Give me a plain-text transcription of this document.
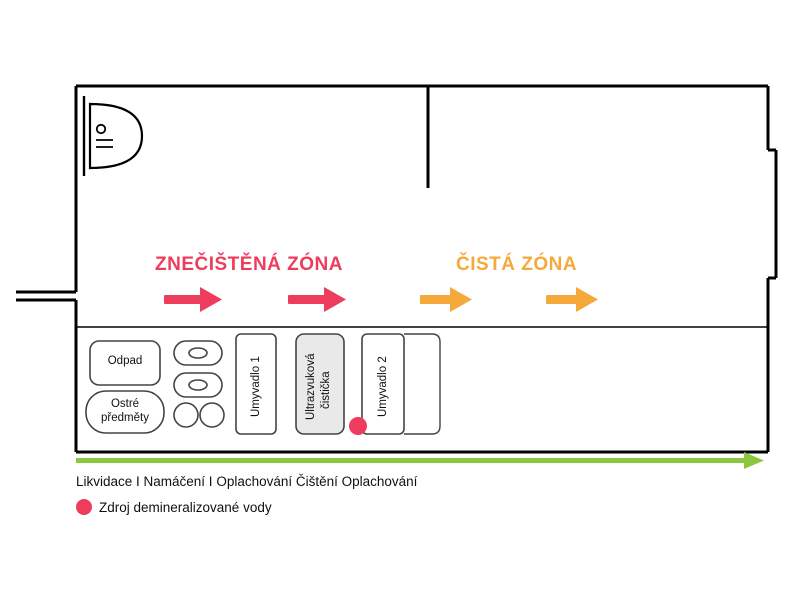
ZNEČIŠTĚNÁ ZÓNA	ČISTÁ ZÓNA
Odpad
Ostré
předměty
Umyvadlo 1	Ultrazvuková čistička	Umyvadlo 2
Likvidace I Namáčení I Oplachování Čištění Oplachování
Zdroj demineralizované vody
